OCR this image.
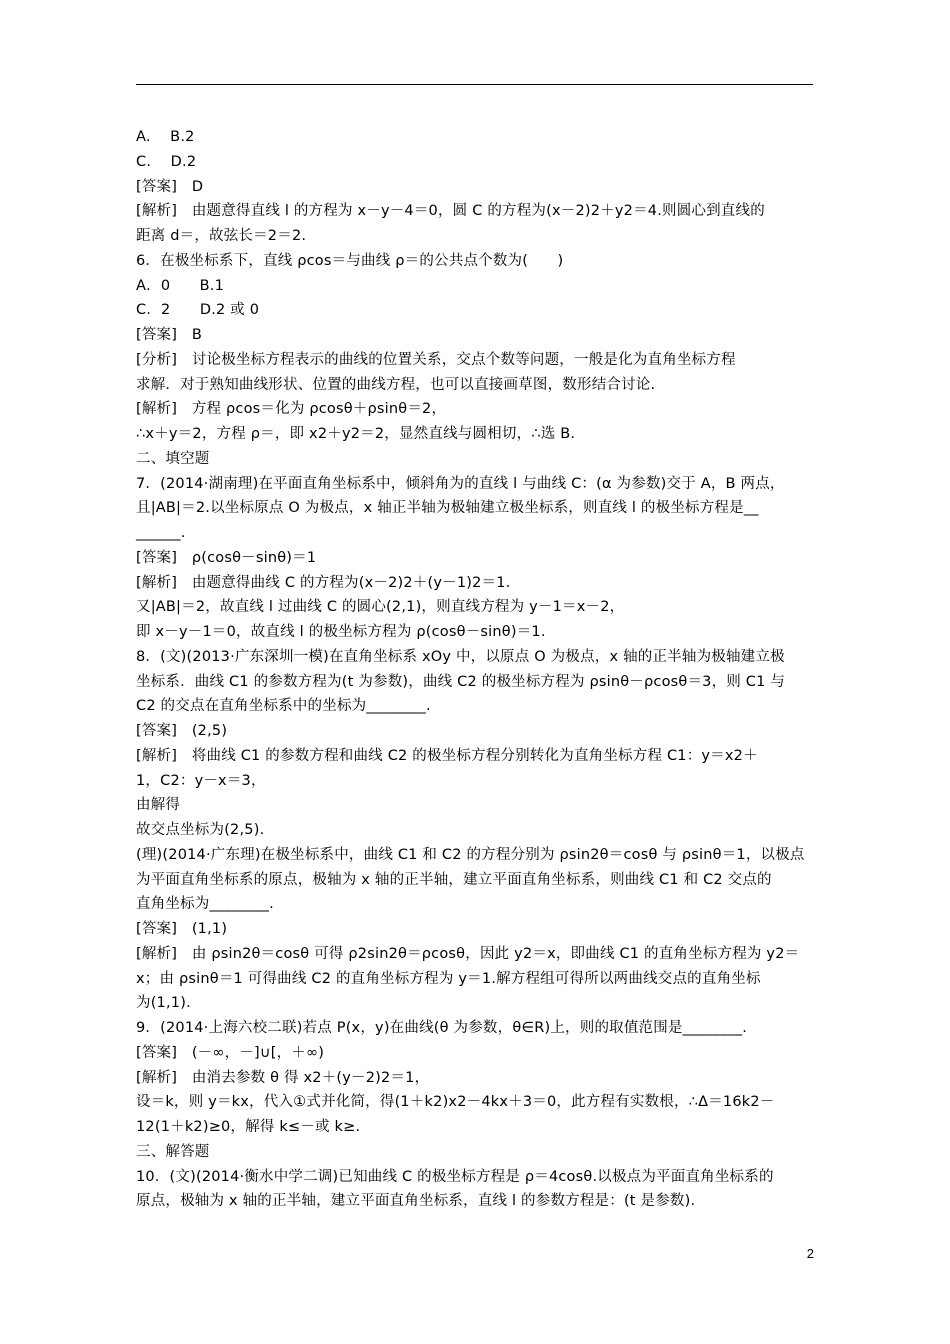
A.　 B.2
C.　 D.2
[答案]　D
[解析]　由题意得直线 l 的方程为 x－y－4＝0，圆 C 的方程为(x－2)2＋y2＝4.则圆心到直线的
距离 d＝，故弦长＝2＝2.
6．在极坐标系下，直线 ρcos＝与曲线 ρ＝的公共点个数为(　　)
A．0　　B.1
C．2　　D.2 或 0
[答案]　B
[分析]　讨论极坐标方程表示的曲线的位置关系，交点个数等问题，一般是化为直角坐标方程
求解．对于熟知曲线形状、位置的曲线方程，也可以直接画草图，数形结合讨论.
[解析]　方程 ρcos＝化为 ρcosθ＋ρsinθ＝2，
∴x＋y＝2，方程 ρ＝，即 x2＋y2＝2，显然直线与圆相切，∴选 B.
二、填空题
7．(2014·湖南理)在平面直角坐标系中，倾斜角为的直线 l 与曲线 C：(α 为参数)交于 A，B 两点，
且|AB|＝2.以坐标原点 O 为极点，x 轴正半轴为极轴建立极坐标系，则直线 l 的极坐标方程是__
______.
[答案]　ρ(cosθ－sinθ)＝1
[解析]　由题意得曲线 C 的方程为(x－2)2＋(y－1)2＝1.
又|AB|＝2，故直线 l 过曲线 C 的圆心(2,1)，则直线方程为 y－1＝x－2，
即 x－y－1＝0，故直线 l 的极坐标方程为 ρ(cosθ－sinθ)＝1.
8．(文)(2013·广东深圳一模)在直角坐标系 xOy 中，以原点 O 为极点，x 轴的正半轴为极轴建立极
坐标系．曲线 C1 的参数方程为(t 为参数)，曲线 C2 的极坐标方程为 ρsinθ－ρcosθ＝3，则 C1 与
C2 的交点在直角坐标系中的坐标为________.
[答案]　(2,5)
[解析]　将曲线 C1 的参数方程和曲线 C2 的极坐标方程分别转化为直角坐标方程 C1：y＝x2＋
1，C2：y－x＝3，
由解得
故交点坐标为(2,5).
(理)(2014·广东理)在极坐标系中，曲线 C1 和 C2 的方程分别为 ρsin2θ＝cosθ 与 ρsinθ＝1，以极点
为平面直角坐标系的原点，极轴为 x 轴的正半轴，建立平面直角坐标系，则曲线 C1 和 C2 交点的
直角坐标为________.
[答案]　(1,1)
[解析]　由 ρsin2θ＝cosθ 可得 ρ2sin2θ＝ρcosθ，因此 y2＝x，即曲线 C1 的直角坐标方程为 y2＝
x；由 ρsinθ＝1 可得曲线 C2 的直角坐标方程为 y＝1.解方程组可得所以两曲线交点的直角坐标
为(1,1).
9．(2014·上海六校二联)若点 P(x，y)在曲线(θ 为参数，θ∈R)上，则的取值范围是________.
[答案]　(－∞，－]∪[，＋∞)
[解析]　由消去参数 θ 得 x2＋(y－2)2＝1，
设＝k，则 y＝kx，代入①式并化简，得(1＋k2)x2－4kx＋3＝0，此方程有实数根，∴Δ＝16k2－
12(1＋k2)≥0，解得 k≤－或 k≥.
三、解答题
10．(文)(2014·衡水中学二调)已知曲线 C 的极坐标方程是 ρ＝4cosθ.以极点为平面直角坐标系的
原点，极轴为 x 轴的正半轴，建立平面直角坐标系，直线 l 的参数方程是：(t 是参数).
2
